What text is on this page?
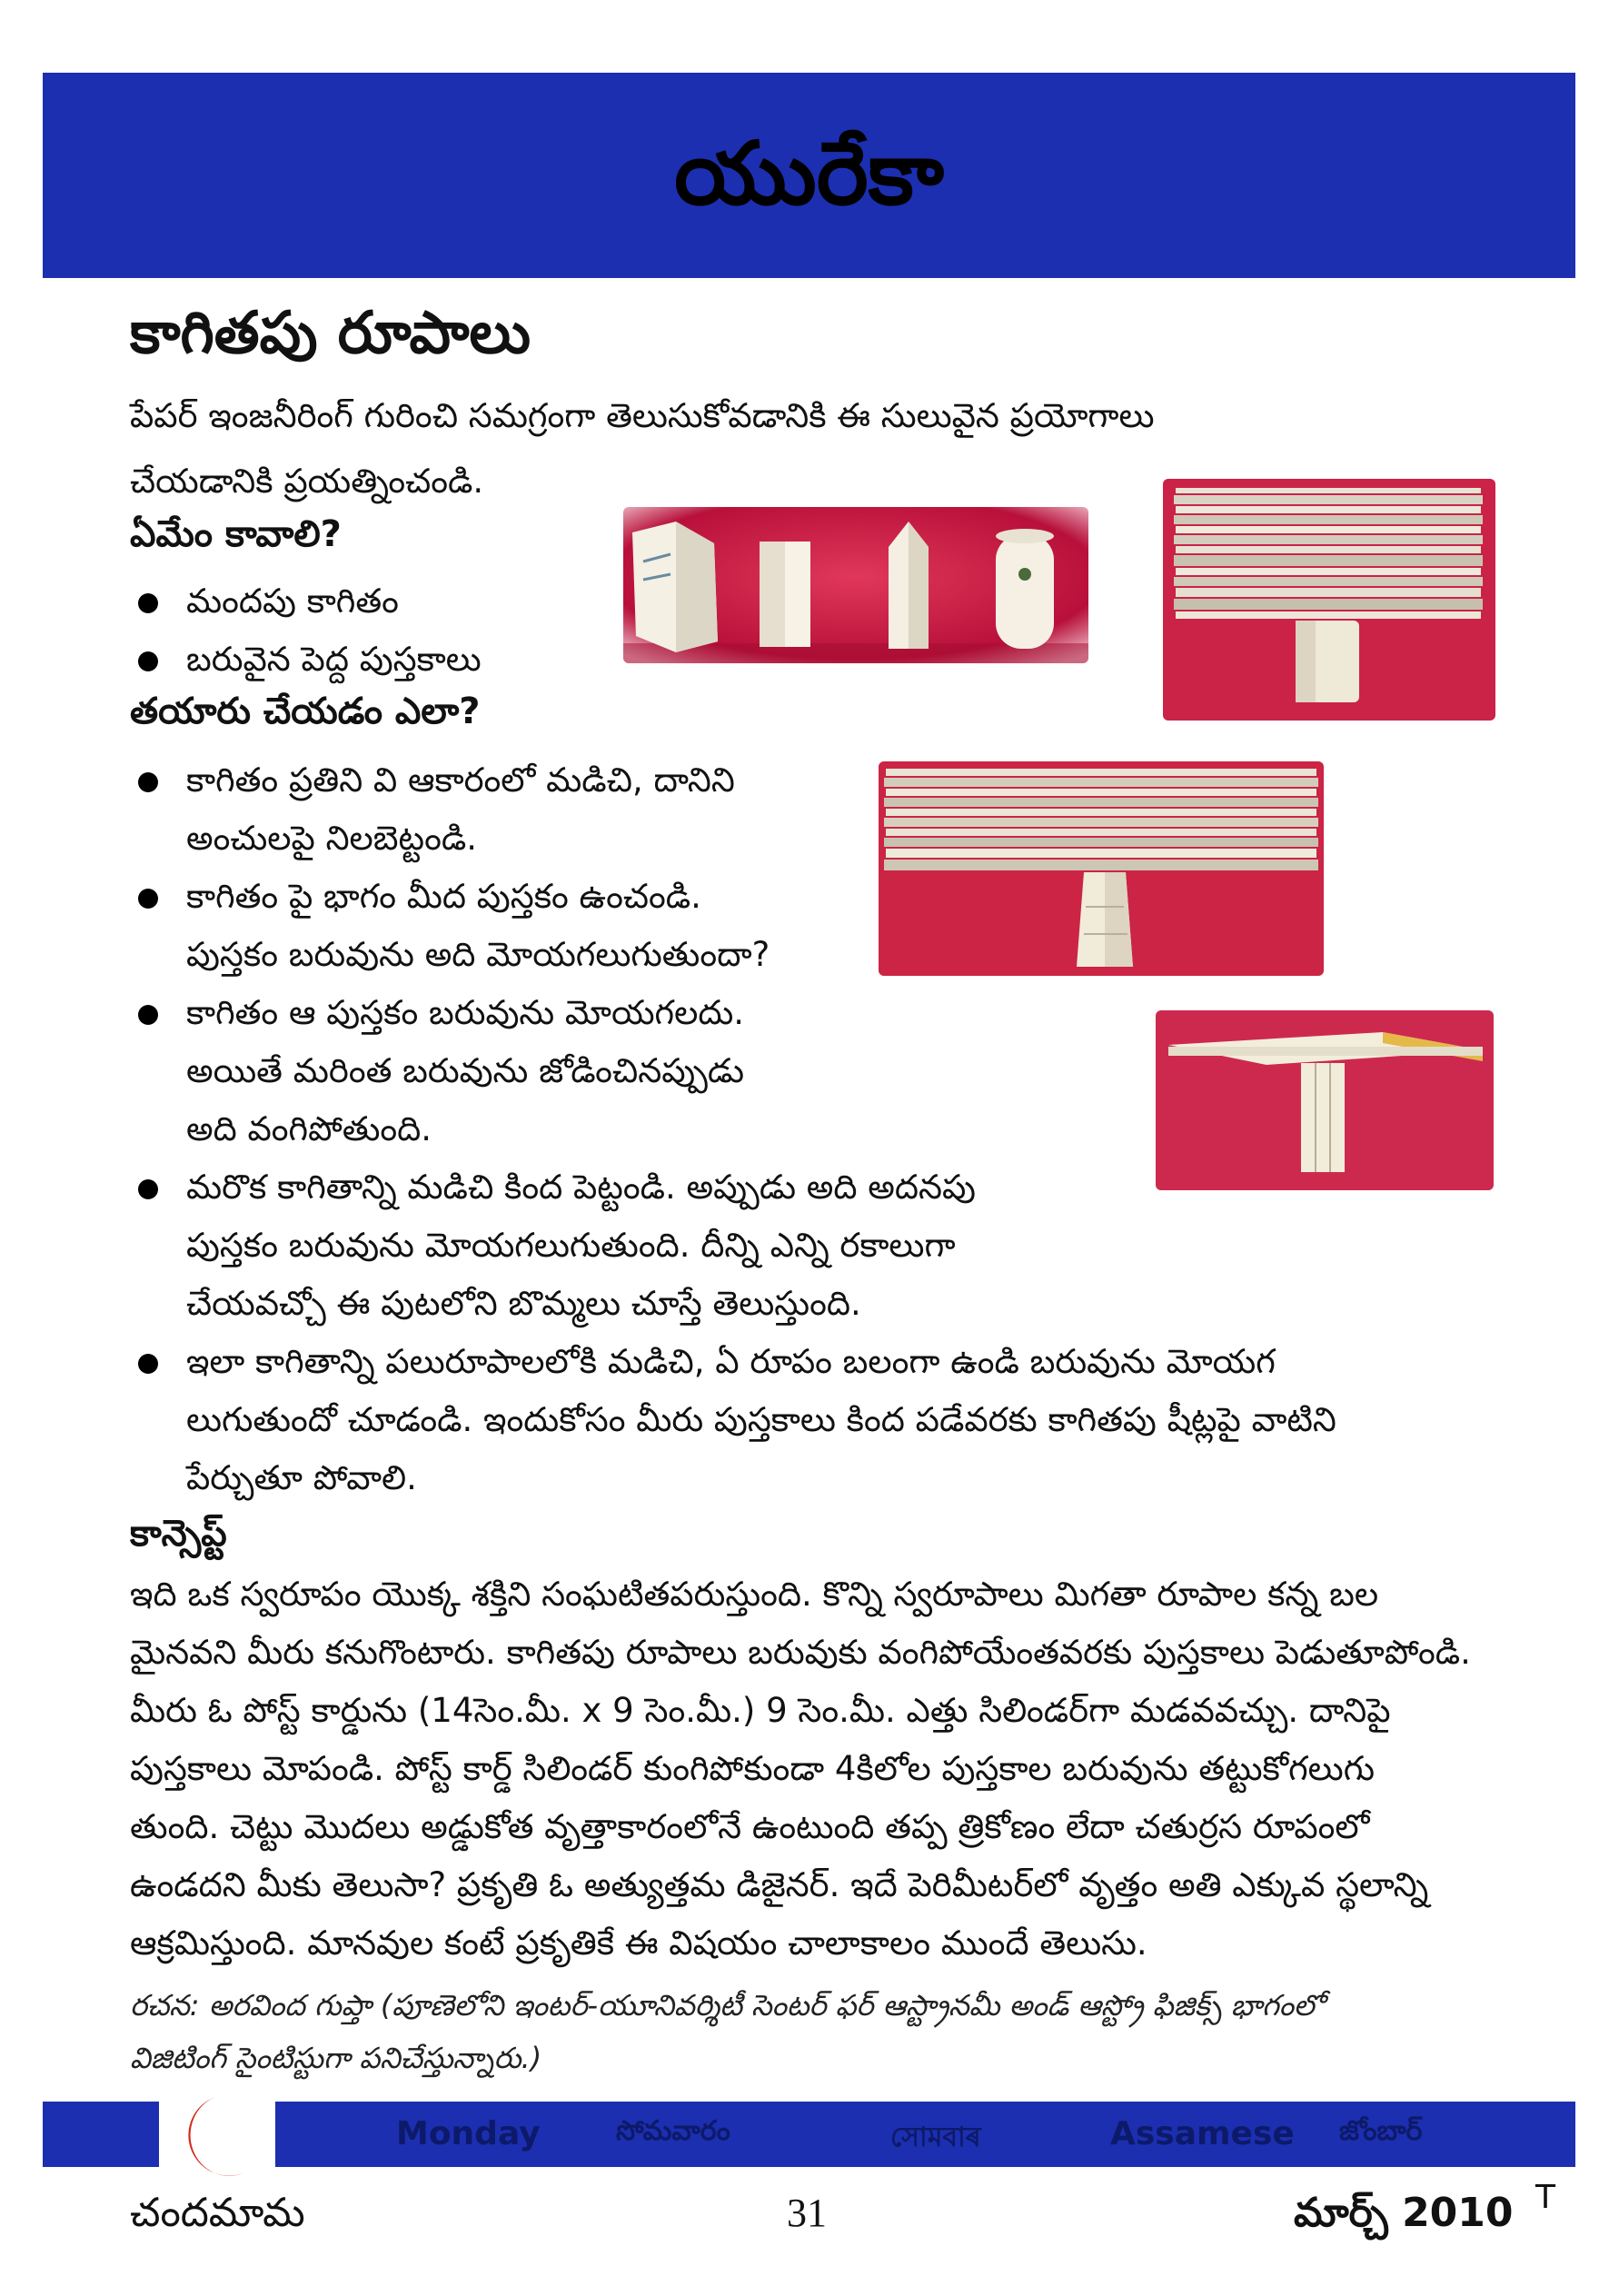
యురేకా
కాగితపు రూపాలు
పేపర్ ఇంజనీరింగ్ గురించి సమగ్రంగా తెలుసుకోవడానికి ఈ సులువైన ప్రయోగాలు
చేయడానికి ప్రయత్నించండి.
ఏమేం కావాలి?
మందపు కాగితం
బరువైన పెద్ద పుస్తకాలు
తయారు చేయడం ఎలా?
కాగితం ప్రతిని వి ఆకారంలో మడిచి, దానిని
అంచులపై నిలబెట్టండి.
కాగితం పై భాగం మీద పుస్తకం ఉంచండి.
పుస్తకం బరువును అది మోయగలుగుతుందా?
కాగితం ఆ పుస్తకం బరువును మోయగలదు.
అయితే మరింత బరువును జోడించినప్పుడు
అది వంగిపోతుంది.
మరొక కాగితాన్ని మడిచి కింద పెట్టండి. అప్పుడు అది అదనపు
పుస్తకం బరువును మోయగలుగుతుంది. దీన్ని ఎన్ని రకాలుగా
చేయవచ్చో ఈ పుటలోని బొమ్మలు చూస్తే తెలుస్తుంది.
ఇలా కాగితాన్ని పలురూపాలలోకి మడిచి, ఏ రూపం బలంగా ఉండి బరువును మోయగ
లుగుతుందో చూడండి. ఇందుకోసం మీరు పుస్తకాలు కింద పడేవరకు కాగితపు షీట్లపై వాటిని
పేర్చుతూ పోవాలి.
కాన్సెప్ట్
ఇది ఒక స్వరూపం యొక్క శక్తిని సంఘటితపరుస్తుంది. కొన్ని స్వరూపాలు మిగతా రూపాల కన్న బల
మైనవని మీరు కనుగొంటారు. కాగితపు రూపాలు బరువుకు వంగిపోయేంతవరకు పుస్తకాలు పెడుతూపోండి.
మీరు ఓ పోస్ట్ కార్డును (14సెం.మీ. x 9 సెం.మీ.) 9 సెం.మీ. ఎత్తు సిలిండర్‌గా మడవవచ్చు. దానిపై
పుస్తకాలు మోపండి. పోస్ట్ కార్డ్ సిలిండర్ కుంగిపోకుండా 4కిలోల పుస్తకాల బరువును తట్టుకోగలుగు
తుంది. చెట్టు మొదలు అడ్డుకోత వృత్తాకారంలోనే ఉంటుంది తప్ప త్రికోణం లేదా చతుర్రస రూపంలో
ఉండదని మీకు తెలుసా? ప్రకృతి ఓ అత్యుత్తమ డిజైనర్. ఇదే పెరిమీటర్‌లో వృత్తం అతి ఎక్కువ స్థలాన్ని
ఆక్రమిస్తుంది. మానవుల కంటే ప్రకృతికే ఈ విషయం చాలాకాలం ముందే తెలుసు.
రచన: అరవింద గుప్తా (పూణెలోని ఇంటర్-యూనివర్శిటీ సెంటర్ ఫర్ ఆస్ట్రానమీ అండ్ ఆస్ట్రో ఫిజిక్స్ భాగంలో
విజిటింగ్ సైంటిస్టుగా పనిచేస్తున్నారు.)
Monday	సోమవారం	সোমবাৰ	Assamese జోంబార్
చందమామ	31	మార్చ్ 2010 T
